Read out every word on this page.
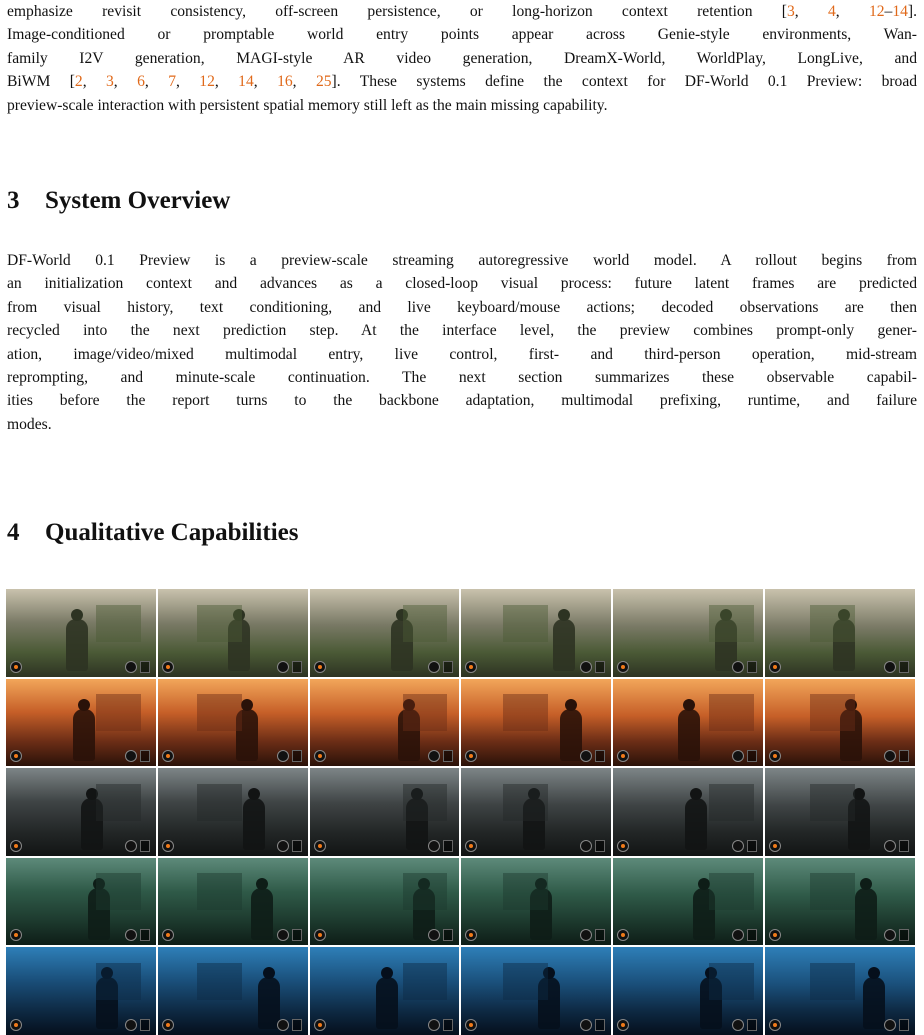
emphasize revisit consistency, off-screen persistence, or long-horizon context retention [3, 4, 12–14].
Image-conditioned or promptable world entry points appear across Genie-style environments, Wan-
family I2V generation, MAGI-style AR video generation, DreamX-World, WorldPlay, LongLive, and
BiWM [2, 3, 6, 7, 12, 14, 16, 25]. These systems define the context for DF-World 0.1 Preview: broad
preview-scale interaction with persistent spatial memory still left as the main missing capability.

3 System Overview

DF-World 0.1 Preview is a preview-scale streaming autoregressive world model. A rollout begins from
an initialization context and advances as a closed-loop visual process: future latent frames are predicted
from visual history, text conditioning, and live keyboard/mouse actions; decoded observations are then
recycled into the next prediction step. At the interface level, the preview combines prompt-only gener-
ation, image/video/mixed multimodal entry, live control, first- and third-person operation, mid-stream
reprompting, and minute-scale continuation. The next section summarizes these observable capabil-
ities before the report turns to the backbone adaptation, multimodal prefixing, runtime, and failure
modes.

4 Qualitative Capabilities
